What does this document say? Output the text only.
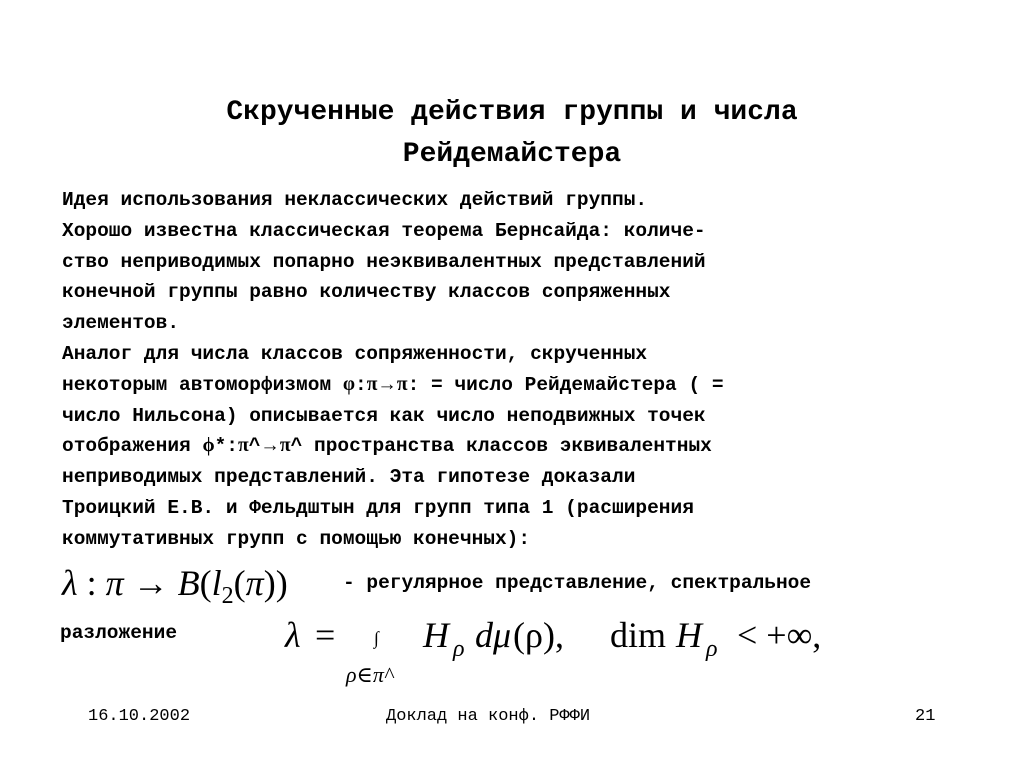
Скрученные действия группы и числа
Рейдемайстера
Идея использования неклассических действий группы.
Хорошо известна классическая теорема Бернсайда: количе-
ство неприводимых попарно неэквивалентных представлений
конечной группы равно количеству классов сопряженных
элементов.
Аналог для числа классов сопряженности, скрученных
некоторым автоморфизмом φ:π→π: = число Рейдемайстера ( =
число Нильсона) описывается как число неподвижных точек
отображения ϕ*:π^→π^ пространства классов эквивалентных
неприводимых представлений. Эта гипотезе доказали
Троицкий Е.В. и Фельдштын для групп типа 1 (расширения
коммутативных групп с помощью конечных):
λ : $\pi \to B(l_2(\pi))$	- регулярное представление, спектральное
разложение	λ = ∫
ρ∈π^
H ρ d μ (ρ), dim H ρ < +∞,
16.10.2002	Доклад на конф. РФФИ	21
